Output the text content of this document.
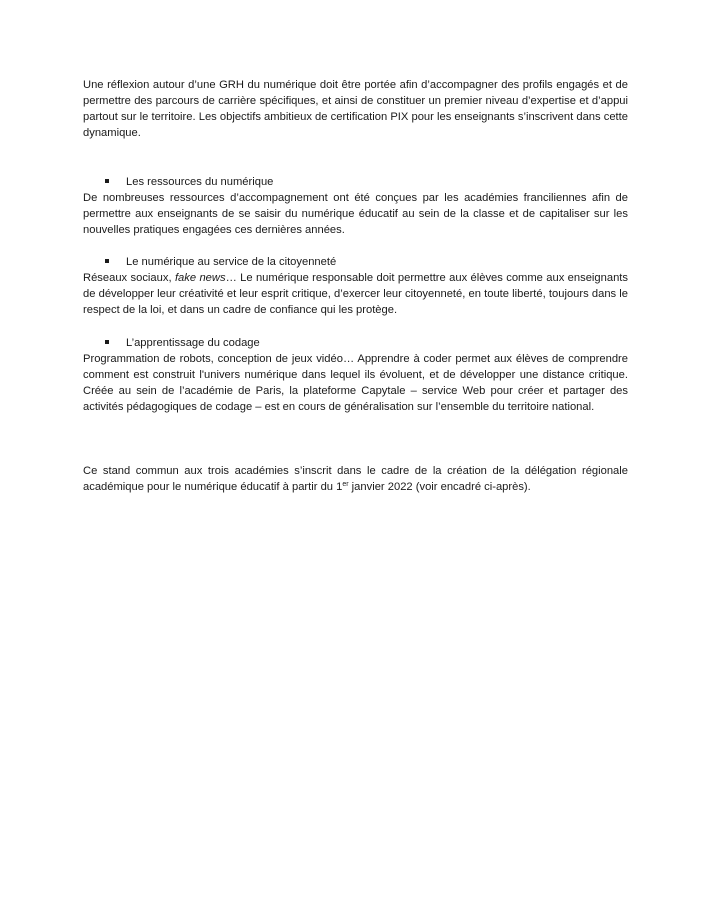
Une réflexion autour d’une GRH du numérique doit être portée afin d’accompagner des profils engagés et de permettre des parcours de carrière spécifiques, et ainsi de constituer un premier niveau d’expertise et d’appui partout sur le territoire. Les objectifs ambitieux de certification PIX pour les enseignants s’inscrivent dans cette dynamique.

Les ressources du numérique

De nombreuses ressources d’accompagnement ont été conçues par les académies franciliennes afin de permettre aux enseignants de se saisir du numérique éducatif au sein de la classe et de capitaliser sur les nouvelles pratiques engagées ces dernières années.

Le numérique au service de la citoyenneté

Réseaux sociaux, fake news… Le numérique responsable doit permettre aux élèves comme aux enseignants de développer leur créativité et leur esprit critique, d’exercer leur citoyenneté, en toute liberté, toujours dans le respect de la loi, et dans un cadre de confiance qui les protège.

L’apprentissage du codage

Programmation de robots, conception de jeux vidéo… Apprendre à coder permet aux élèves de comprendre comment est construit l'univers numérique dans lequel ils évoluent, et de développer une distance critique. Créée au sein de l’académie de Paris, la plateforme Capytale – service Web pour créer et partager des activités pédagogiques de codage – est en cours de généralisation sur l’ensemble du territoire national.

Ce stand commun aux trois académies s’inscrit dans le cadre de la création de la délégation régionale académique pour le numérique éducatif à partir du 1er janvier 2022 (voir encadré ci-après).
